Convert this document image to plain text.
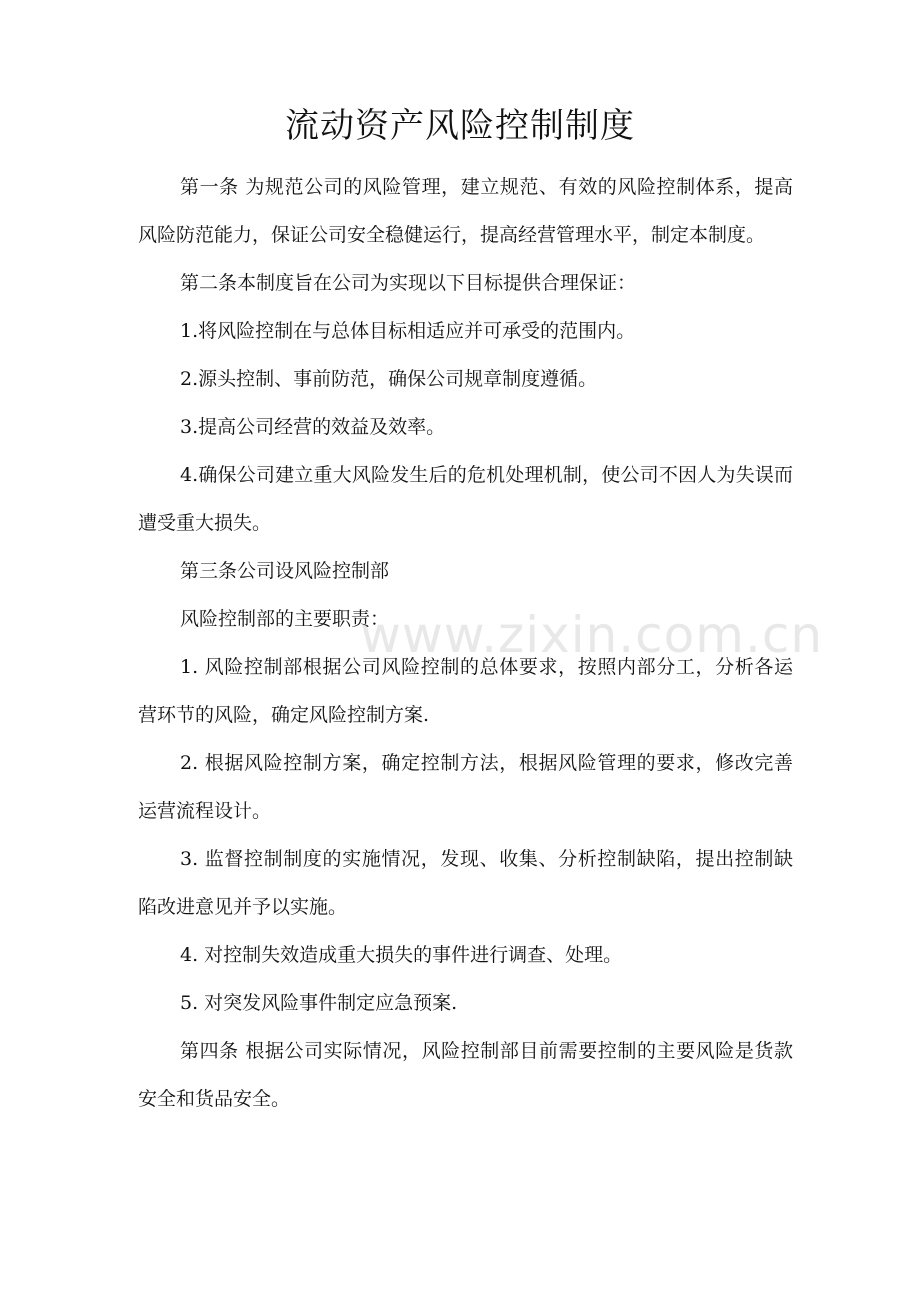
流动资产风险控制制度

第一条 为规范公司的风险管理，建立规范、有效的风险控制体系，提高风险防范能力，保证公司安全稳健运行，提高经营管理水平，制定本制度。

第二条本制度旨在公司为实现以下目标提供合理保证：

1.将风险控制在与总体目标相适应并可承受的范围内。

2.源头控制、事前防范，确保公司规章制度遵循。

3.提高公司经营的效益及效率。

4.确保公司建立重大风险发生后的危机处理机制，使公司不因人为失误而遭受重大损失。

第三条公司设风险控制部

风险控制部的主要职责：

1. 风险控制部根据公司风险控制的总体要求，按照内部分工，分析各运营环节的风险，确定风险控制方案.

2. 根据风险控制方案，确定控制方法，根据风险管理的要求，修改完善运营流程设计。

3. 监督控制制度的实施情况，发现、收集、分析控制缺陷，提出控制缺陷改进意见并予以实施。

4. 对控制失效造成重大损失的事件进行调查、处理。

5. 对突发风险事件制定应急预案.

第四条 根据公司实际情况，风险控制部目前需要控制的主要风险是货款安全和货品安全。

www.zixin.com.cn
